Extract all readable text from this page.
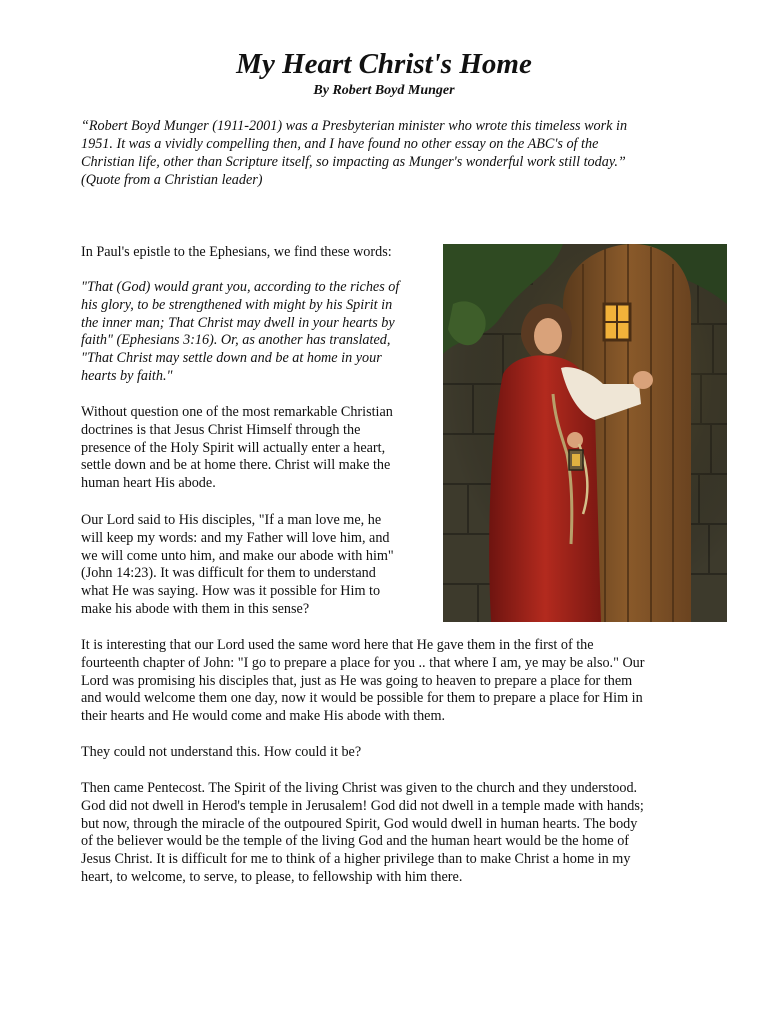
My Heart Christ's Home
By Robert Boyd Munger

“Robert Boyd Munger (1911-2001) was a Presbyterian minister who wrote this timeless work in
1951. It was a vividly compelling then, and I have found no other essay on the ABC's of the
Christian life, other than Scripture itself, so impacting as Munger's wonderful work still today.”
(Quote from a Christian leader)

In Paul's epistle to the Ephesians, we find these words:

"That (God) would grant you, according to the riches of
his glory, to be strengthened with might by his Spirit in
the inner man; That Christ may dwell in your hearts by
faith" (Ephesians 3:16). Or, as another has translated,
"That Christ may settle down and be at home in your
hearts by faith."

Without question one of the most remarkable Christian
doctrines is that Jesus Christ Himself through the
presence of the Holy Spirit will actually enter a heart,
settle down and be at home there. Christ will make the
human heart His abode.

Our Lord said to His disciples, "If a man love me, he
will keep my words: and my Father will love him, and
we will come unto him, and make our abode with him"
(John 14:23). It was difficult for them to understand
what He was saying. How was it possible for Him to
make his abode with them in this sense?

It is interesting that our Lord used the same word here that He gave them in the first of the
fourteenth chapter of John: "I go to prepare a place for you .. that where I am, ye may be also." Our
Lord was promising his disciples that, just as He was going to heaven to prepare a place for them
and would welcome them one day, now it would be possible for them to prepare a place for Him in
their hearts and He would come and make His abode with them.

They could not understand this. How could it be?

Then came Pentecost. The Spirit of the living Christ was given to the church and they understood.
God did not dwell in Herod's temple in Jerusalem! God did not dwell in a temple made with hands;
but now, through the miracle of the outpoured Spirit, God would dwell in human hearts. The body
of the believer would be the temple of the living God and the human heart would be the home of
Jesus Christ. It is difficult for me to think of a higher privilege than to make Christ a home in my
heart, to welcome, to serve, to please, to fellowship with him there.
